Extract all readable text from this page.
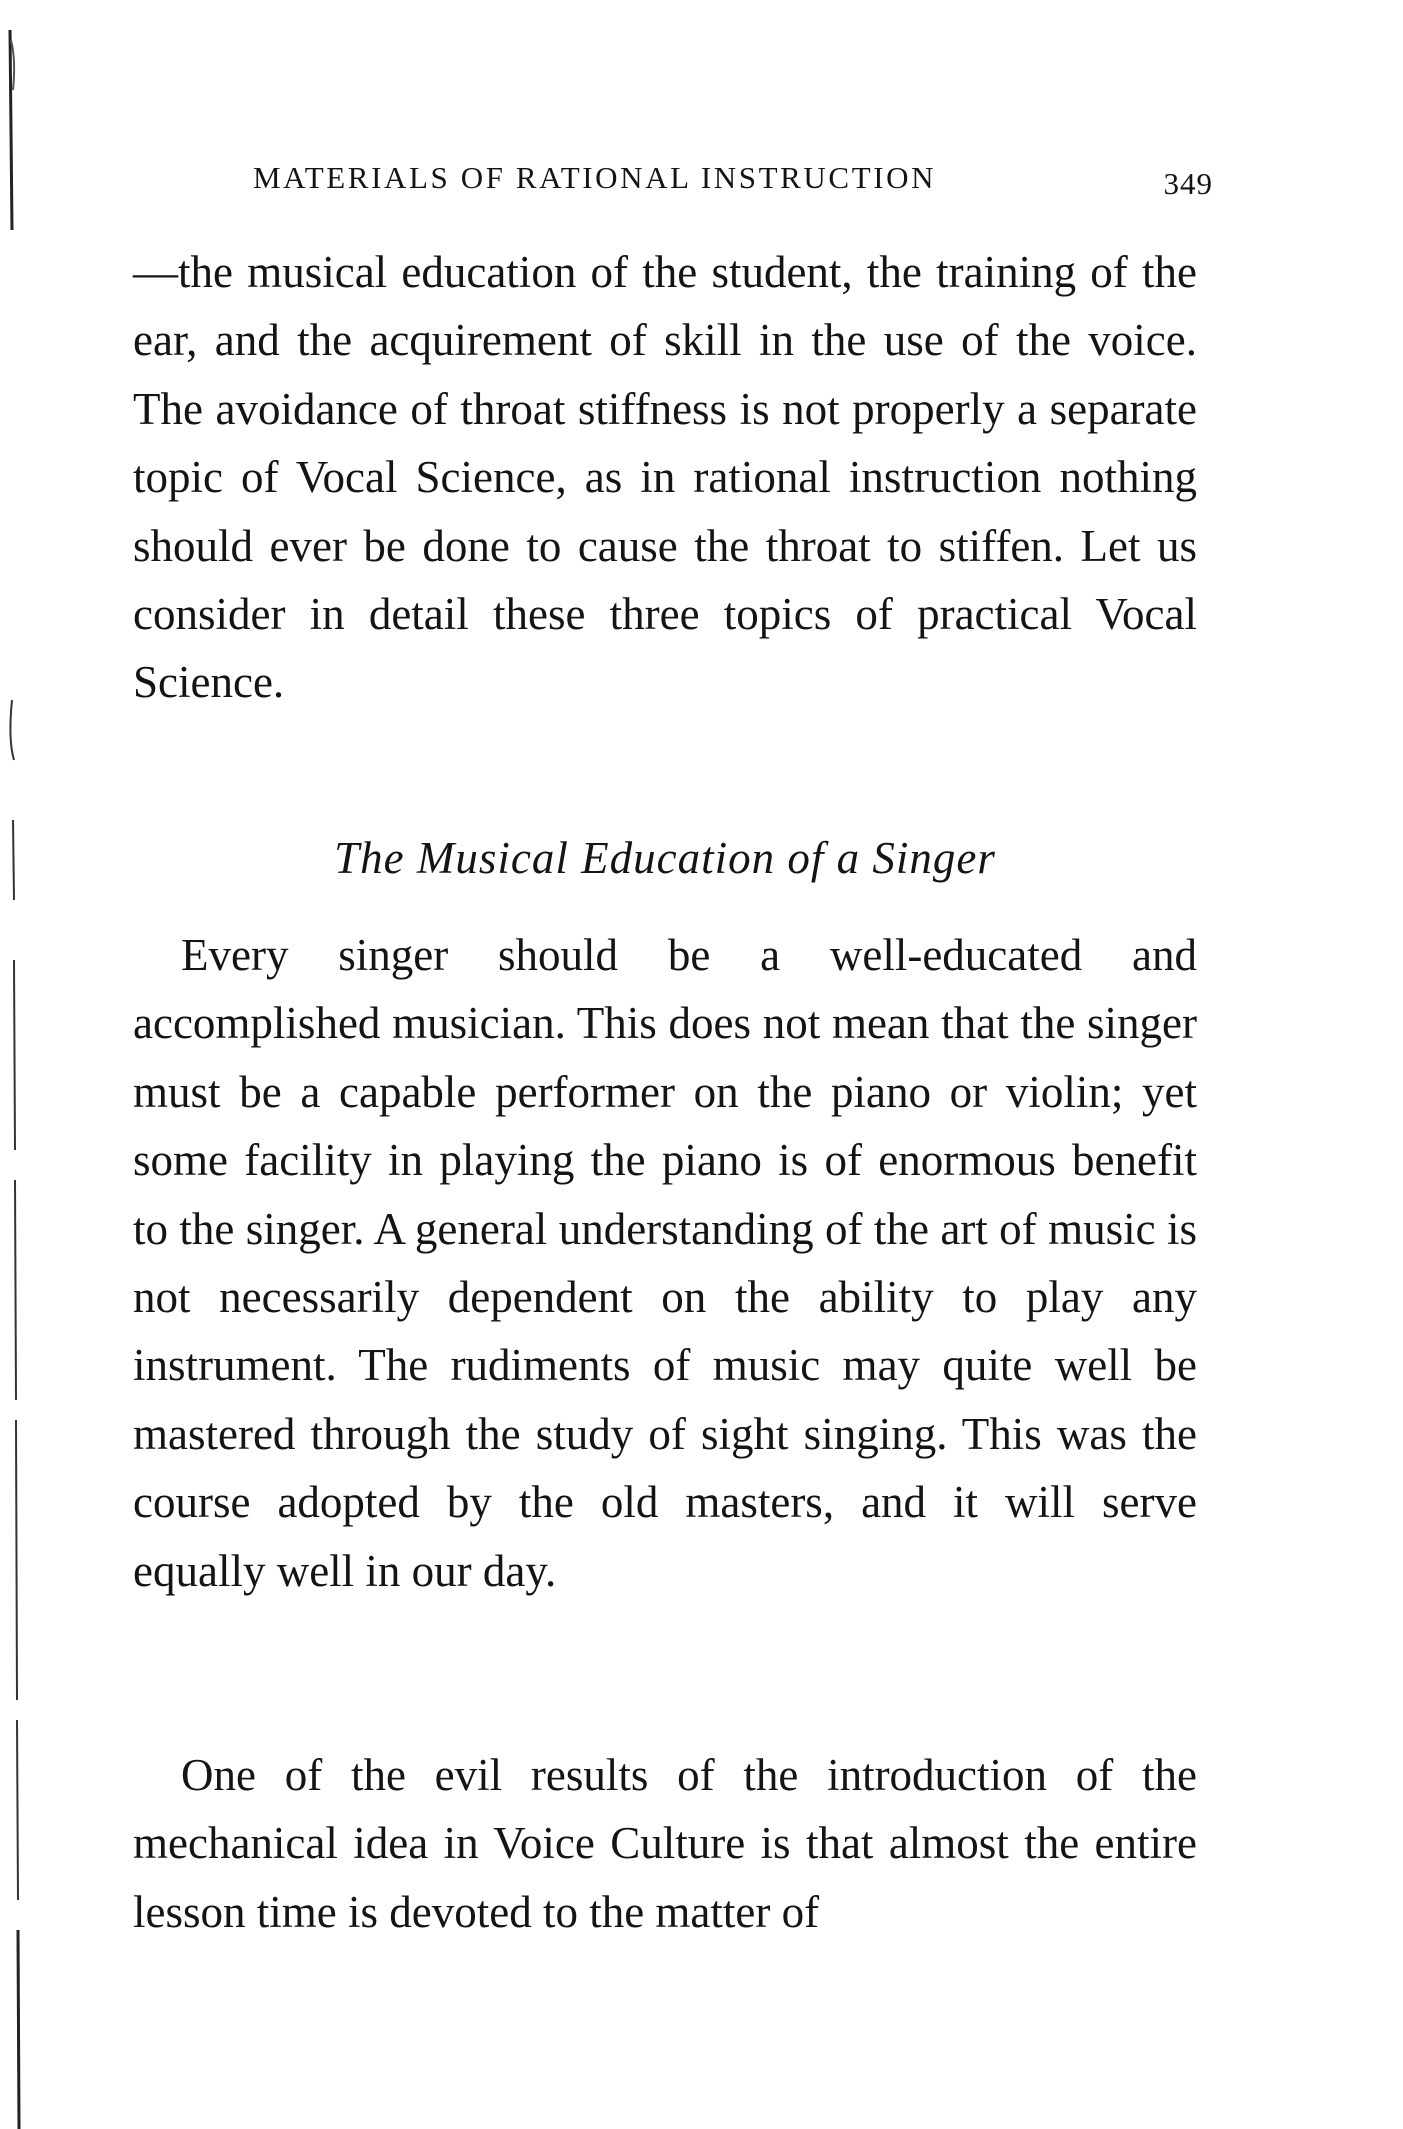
MATERIALS OF RATIONAL INSTRUCTION	349

—the musical education of the student, the training of the ear, and the acquirement of skill in the use of the voice. The avoidance of throat stiffness is not properly a separate topic of Vocal Science, as in rational instruction nothing should ever be done to cause the throat to stiffen. Let us consider in detail these three topics of practical Vocal Science.

The Musical Education of a Singer

Every singer should be a well-educated and accomplished musician. This does not mean that the singer must be a capable performer on the piano or violin; yet some facility in playing the piano is of enormous benefit to the singer. A general understanding of the art of music is not necessarily dependent on the ability to play any instrument. The rudiments of music may quite well be mastered through the study of sight singing. This was the course adopted by the old masters, and it will serve equally well in our day.

One of the evil results of the introduction of the mechanical idea in Voice Culture is that almost the entire lesson time is devoted to the matter of
